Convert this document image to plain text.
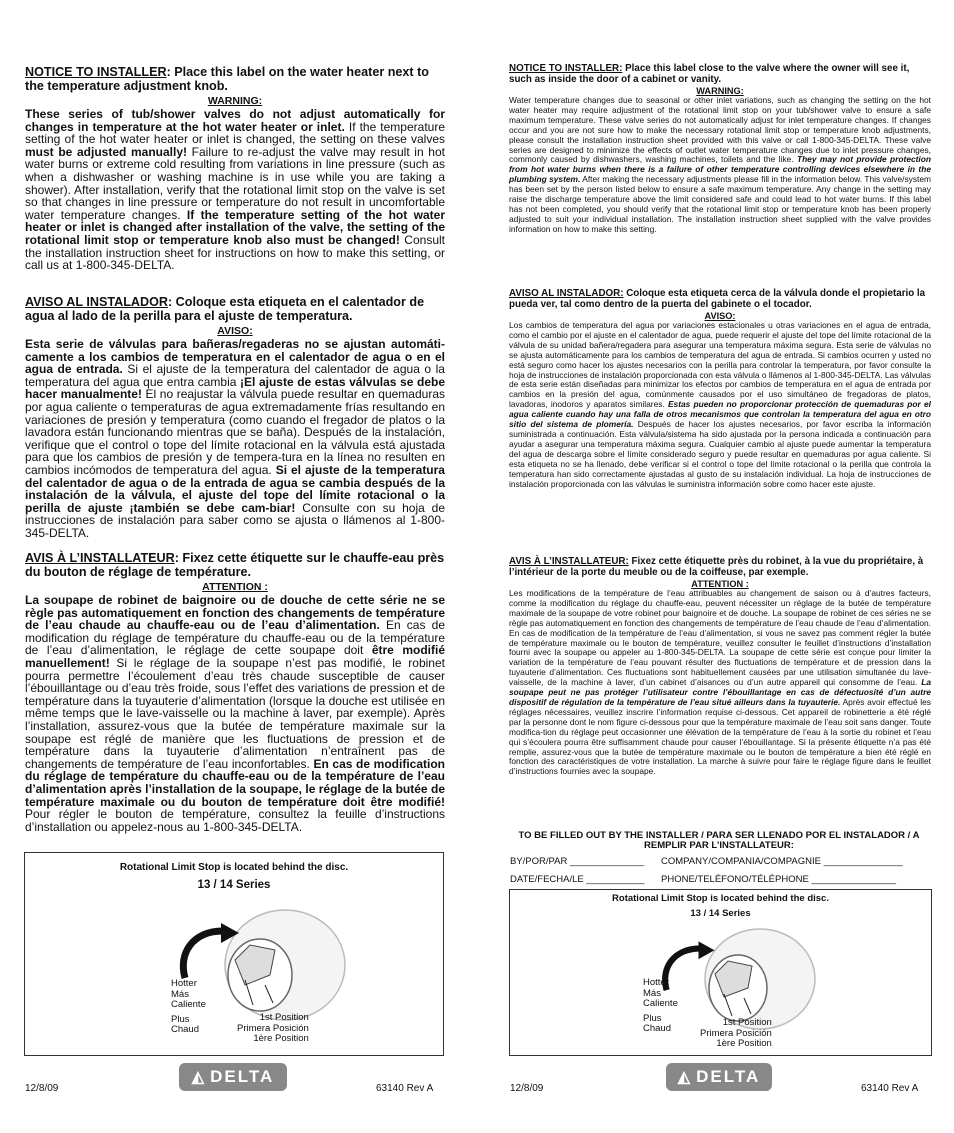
NOTICE TO INSTALLER: Place this label on the water heater next to the temperature adjustment knob.

WARNING:

These series of tub/shower valves do not adjust automatically for changes in temperature at the hot water heater or inlet. If the temperature setting of the hot water heater or inlet is changed, the setting on these valves must be adjusted manually! Failure to re-adjust the valve may result in hot water burns or extreme cold resulting from variations in line pressure (such as when a dishwasher or washing machine is in use while you are taking a shower). After installation, verify that the rotational limit stop on the valve is set so that changes in line pressure or temperature do not result in uncomfortable water temperature changes. If the temperature setting of the hot water heater or inlet is changed after installation of the valve, the setting of the rotational limit stop or temperature knob also must be changed! Consult the installation instruction sheet for instructions on how to make this setting, or call us at 1-800-345-DELTA.

AVISO AL INSTALADOR: Coloque esta etiqueta en el calentador de agua al lado de la perilla para el ajuste de temperatura.

AVISO:

Esta serie de válvulas para bañeras/regaderas no se ajustan automáti-camente a los cambios de temperatura en el calentador de agua o en el agua de entrada. Si el ajuste de la temperatura del calentador de agua o la temperatura del agua que entra cambia ¡El ajuste de estas válvulas se debe hacer manualmente! El no reajustar la válvula puede resultar en quemaduras por agua caliente o temperaturas de agua extremadamente frías resultando en variaciones de presión y temperatura (como cuando el fregador de platos o la lavadora están funcionando mientras que se baña). Después de la instalación, verifique que el control o tope del límite rotacional en la válvula está ajustada para que los cambios de presión y de tempera-tura en la línea no resulten en cambios incómodos de temperatura del agua. Si el ajuste de la temperatura del calentador de agua o de la entrada de agua se cambia después de la instalación de la válvula, el ajuste del tope del límite rotacional o la perilla de ajuste ¡también se debe cam-biar! Consulte con su hoja de instrucciones de instalación para saber como se ajusta o llámenos al 1-800-345-DELTA.

AVIS À L’INSTALLATEUR: Fixez cette étiquette sur le chauffe-eau près du bouton de réglage de température.

ATTENTION :

La soupape de robinet de baignoire ou de douche de cette série ne se règle pas automatiquement en fonction des changements de température de l’eau chaude au chauffe-eau ou de l’eau d’alimentation. En cas de modification du réglage de température du chauffe-eau ou de la température de l’eau d’alimentation, le réglage de cette soupape doit être modifié manuellement! Si le réglage de la soupape n’est pas modifié, le robinet pourra permettre l’écoulement d’eau très chaude susceptible de causer l’ébouillantage ou d’eau très froide, sous l’effet des variations de pression et de température dans la tuyauterie d’alimentation (lorsque la douche est utilisée en même temps que le lave-vaisselle ou la machine à laver, par exemple). Après l’installation, assurez-vous que la butée de température maximale sur la soupape est réglé de manière que les fluctuations de pression et de température dans la tuyauterie d’alimentation n’entraînent pas de changements de température de l’eau inconfortables. En cas de modification du réglage de température du chauffe-eau ou de la température de l’eau d’alimentation après l’installation de la soupape, le réglage de la butée de température maximale ou du bouton de température doit être modifié! Pour régler le bouton de température, consultez la feuille d’instructions d’installation ou appelez-nous au 1-800-345-DELTA.

Rotational Limit Stop is located behind the disc.
13 / 14 Series
Hotter
Más
Caliente
Plus
Chaud
1st Position
Primera Posición
1ère Position
12/8/09
◭ DELTA
63140 Rev A

NOTICE TO INSTALLER: Place this label close to the valve where the owner will see it, such as inside the door of a cabinet or vanity.

WARNING:

Water temperature changes due to seasonal or other inlet variations, such as changing the setting on the hot water heater may require adjustment of the rotational limit stop on your tub/shower valve to ensure a safe maximum temperature. These valve series do not automatically adjust for inlet temperature changes. If changes occur and you are not sure how to make the necessary rotational limit stop or temperature knob adjustments, please consult the installation instruction sheet provided with this valve or call 1-800-345-DELTA. These valve series are designed to minimize the effects of outlet water temperature changes due to inlet pressure changes, commonly caused by dishwashers, washing machines, toilets and the like. They may not provide protection from hot water burns when there is a failure of other temperature controlling devices elsewhere in the plumbing system. After making the necessary adjustments please fill in the information below. This valve/system has been set by the person listed below to ensure a safe maximum temperature. Any change in the setting may raise the discharge temperature above the limit considered safe and could lead to hot water burns. If this label has not been completed, you should verify that the rotational limit stop or temperature knob has been properly adjusted to suit your individual installation. The installation instruction sheet supplied with the valve provides information on how to make this setting.

AVISO AL INSTALADOR: Coloque esta etiqueta cerca de la válvula donde el propietario la pueda ver, tal como dentro de la puerta del gabinete o el tocador.

AVISO:

Los cambios de temperatura del agua por variaciones estacionales u otras variaciones en el agua de entrada, como el cambio por el ajuste en el calentador de agua, puede requerir el ajuste del tope del límite rotacional de la válvula de su unidad bañera/regadera para asegurar una temperatura máxima segura. Esta serie de válvulas no se ajusta automáticamente para los cambios de temperatura del agua de entrada. Si cambios ocurren y usted no está seguro como hacer los ajustes necesarios con la perilla para controlar la temperatura, por favor consulte la hoja de instrucciones de instalación proporcionada con esta válvula o llámenos al 1-800-345-DELTA. Las válvulas de esta serie están diseñadas para minimizar los efectos por cambios de temperatura en el agua de entrada por cambios en la presión del agua, comúnmente causados por el uso simultáneo de fregadoras de platos, lavadoras, inodoros y aparatos similares. Estas pueden no proporcionar protección de quemaduras por el agua caliente cuando hay una falla de otros mecanismos que controlan la temperatura del agua en otro sitio del sistema de plomería. Después de hacer los ajustes necesarios, por favor escriba la información suministrada a continuación. Esta válvula/sistema ha sido ajustada por la persona indicada a continuación para ayudar a asegurar una temperatura máxima segura. Cualquier cambio al ajuste puede aumentar la temperatura del agua de descarga sobre el límite considerado seguro y puede resultar en quemaduras por agua caliente. Si esta etiqueta no se ha llenado, debe verificar si el control o tope del límite rotacional o la perilla que controla la temperatura han sido correctamente ajustadas al gusto de su instalación individual. La hoja de instrucciones de instalación proporcionada con las válvulas le suministra información sobre como hacer este ajuste.

AVIS À L’INSTALLATEUR: Fixez cette étiquette près du robinet, à la vue du propriétaire, à l’intérieur de la porte du meuble ou de la coiffeuse, par exemple.

ATTENTION :

Les modifications de la température de l’eau attribuables au changement de saison ou à d’autres facteurs, comme la modification du réglage du chauffe-eau, peuvent nécessiter un réglage de la butée de température maximale de la soupape de votre robinet pour baignoire et de douche. La soupape de robinet de ces séries ne se règle pas automatiquement en fonction des changements de température de l’eau chaude de l’eau d’alimentation. En cas de modification de la température de l’eau d’alimentation, si vous ne savez pas comment régler la butée de température maximale ou le bouton de température, veuillez consulter le feuillet d’instructions d’installation fourni avec la soupape ou appeler au 1-800-345-DELTA. La soupape de cette série est conçue pour limiter la variation de la température de l’eau pouvant résulter des fluctuations de température et de pression dans la tuyauterie d’alimentation. Ces fluctuations sont habituellement causées par une utilisation simultanée du lave-vaisselle, de la machine à laver, d’un cabinet d’aisances ou d’un autre appareil qui consomme de l’eau. La soupape peut ne pas protéger l’utilisateur contre l’ébouillantage en cas de défectuosité d’un autre dispositif de régulation de la température de l’eau situé ailleurs dans la tuyauterie. Après avoir effectué les réglages nécessaires, veuillez inscrire l’information requise ci-dessous. Cet appareil de robinetterie a été réglé par la personne dont le nom figure ci-dessous pour que la température maximale de l’eau soit sans danger. Toute modifica-tion du réglage peut occasionner une élévation de la température de l’eau à la sortie du robinet et l’eau qui s’écoulera pourra être suffisamment chaude pour causer l’ébouillantage. Si la présente étiquette n’a pas été remplie, assurez-vous que la butée de température maximale ou le bouton de température a bien été réglé en fonction des caractéristiques de votre installation. La marche à suivre pour faire le réglage figure dans le feuillet d’instructions fournies avec la soupape.

TO BE FILLED OUT BY THE INSTALLER / PARA SER LLENADO POR EL INSTALADOR / A REMPLIR PAR L’INSTALLATEUR:
BY/POR/PAR ______________ COMPANY/COMPANIA/COMPAGNIE _______________
DATE/FECHA/LE ___________ PHONE/TELÉFONO/TÉLÉPHONE ________________
Rotational Limit Stop is located behind the disc.
13 / 14 Series
Hotter
Más
Caliente
Plus
Chaud
1st Position
Primera Posición
1ère Position
12/8/09
◭ DELTA
63140 Rev A
